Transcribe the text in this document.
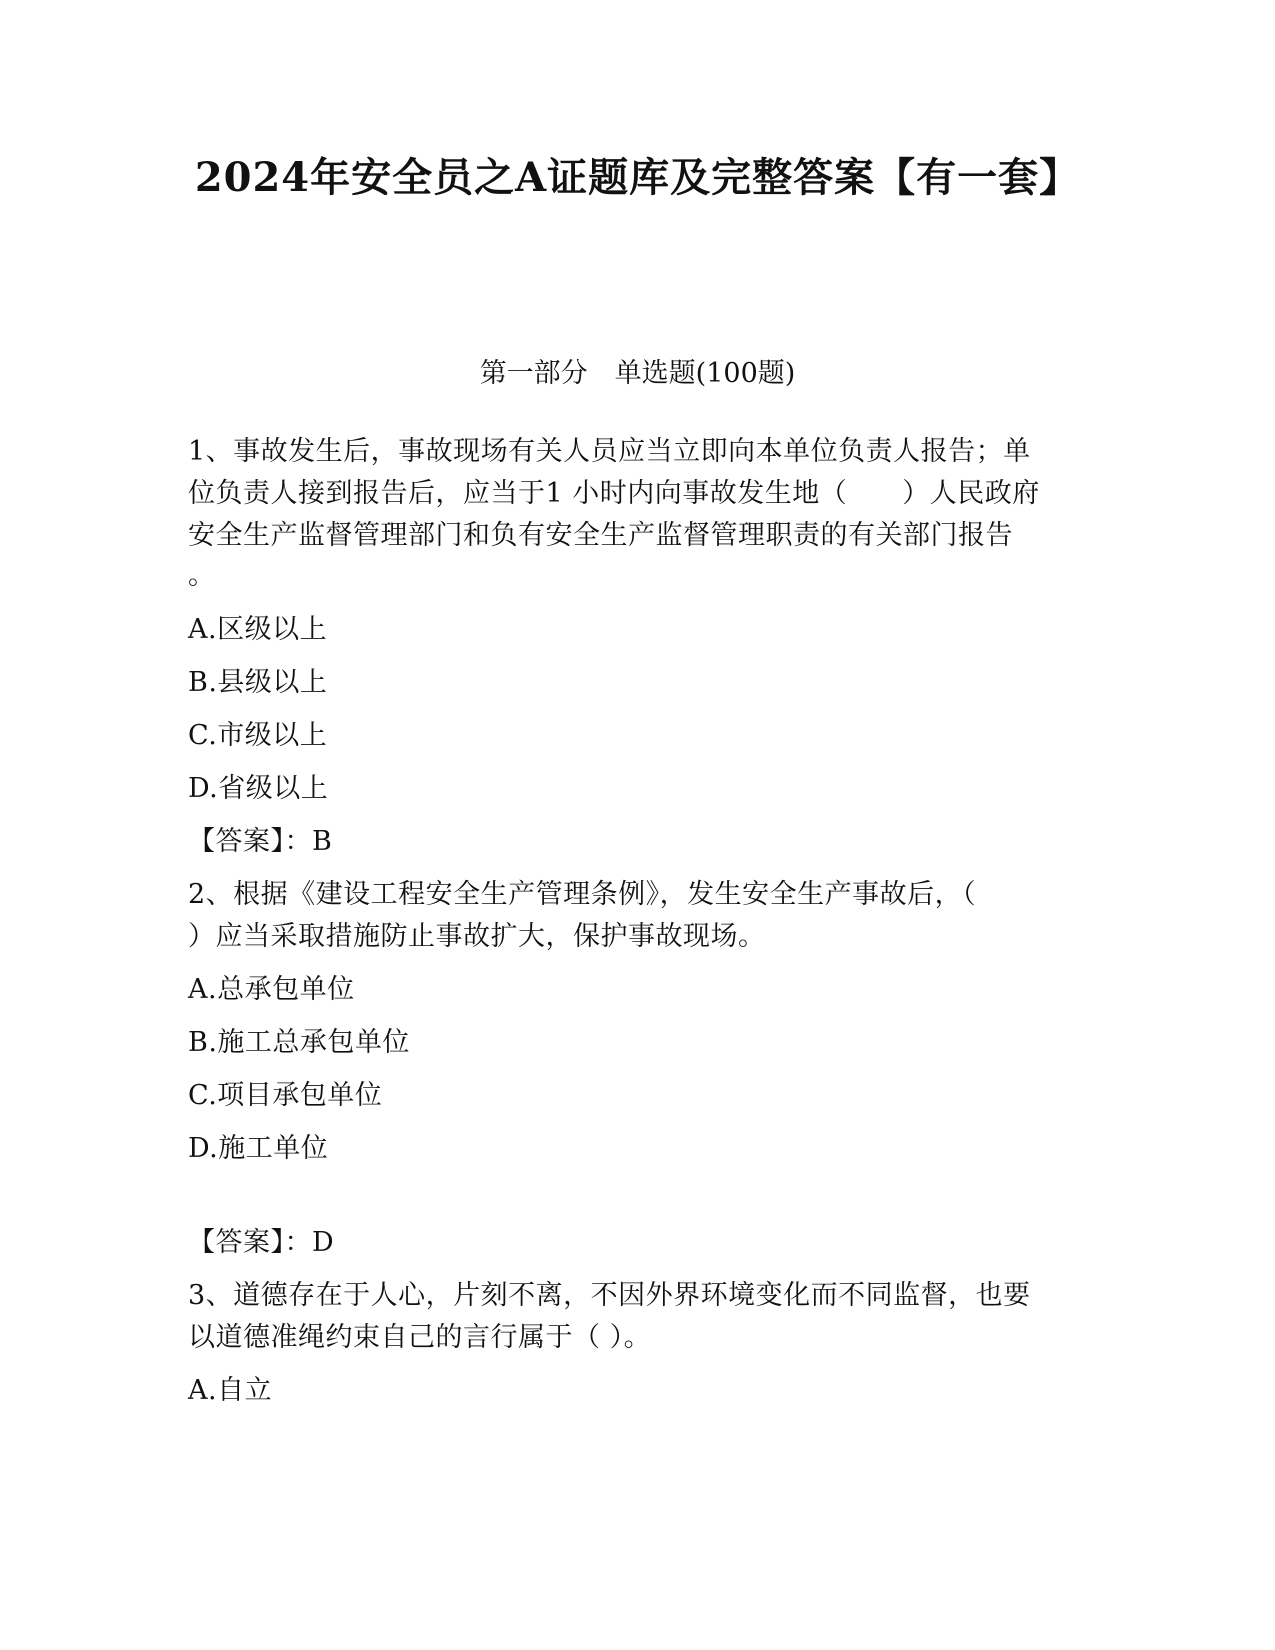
2024年安全员之A证题库及完整答案【有一套】
第一部分　单选题(100题)
1、事故发生后，事故现场有关人员应当立即向本单位负责人报告；单
位负责人接到报告后，应当于1 小时内向事故发生地（　　）人民政府
安全生产监督管理部门和负有安全生产监督管理职责的有关部门报告
。
A.区级以上
B.县级以上
C.市级以上
D.省级以上
【答案】：B
2、根据《建设工程安全生产管理条例》，发生安全生产事故后，（
）应当采取措施防止事故扩大，保护事故现场。
A.总承包单位
B.施工总承包单位
C.项目承包单位
D.施工单位
【答案】：D
3、道德存在于人心，片刻不离，不因外界环境变化而不同监督，也要
以道德准绳约束自己的言行属于（ ）。
A.自立
